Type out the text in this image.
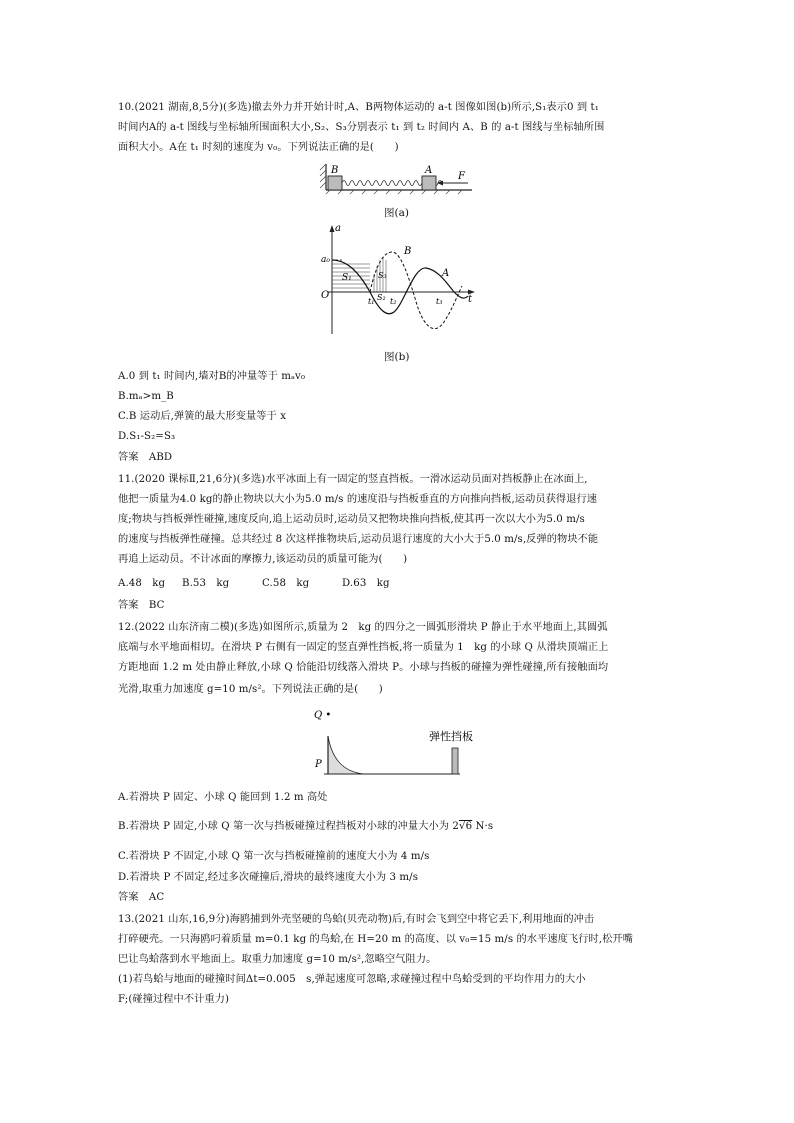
10.(2021 湖南,8,5分)(多选)撤去外力并开始计时,A、B两物体运动的 a-t 图像如图(b)所示,S₁表示0 到 t₁
时间内A的 a-t 图线与坐标轴所围面积大小,S₂、S₃分别表示 t₁ 到 t₂ 时间内 A、B 的 a-t 图线与坐标轴所围
面积大小。A在 t₁ 时刻的速度为 v₀。下列说法正确的是(　　)
B	A
F
图(a)
a₀
a
t
O
S₁
S₂
S₃
t₁ t₂	t₃
B
A
图(b)
A.0 到 t₁ 时间内,墙对B的冲量等于 mₐv₀
B.mₐ>m_B
C.B 运动后,弹簧的最大形变量等于 x
D.S₁-S₂=S₃
答案　ABD
11.(2020 课标Ⅱ,21,6分)(多选)水平冰面上有一固定的竖直挡板。一滑冰运动员面对挡板静止在冰面上,
他把一质量为4.0 kg的静止物块以大小为5.0 m/s 的速度沿与挡板垂直的方向推向挡板,运动员获得退行速
度;物块与挡板弹性碰撞,速度反向,追上运动员时,运动员又把物块推向挡板,使其再一次以大小为5.0 m/s
的速度与挡板弹性碰撞。总共经过 8 次这样推物块后,运动员退行速度的大小大于5.0 m/s,反弹的物块不能
再追上运动员。不计冰面的摩擦力,该运动员的质量可能为(　　)
A.48　kg B.53　kg	C.58　kg	D.63　kg
答案　BC
12.(2022 山东济南二模)(多选)如图所示,质量为 2　kg 的四分之一圆弧形滑块 P 静止于水平地面上,其圆弧
底端与水平地面相切。在滑块 P 右侧有一固定的竖直弹性挡板,将一质量为 1　kg 的小球 Q 从滑块顶端正上
方距地面 1.2 m 处由静止释放,小球 Q 恰能沿切线落入滑块 P。小球与挡板的碰撞为弹性碰撞,所有接触面均
光滑,取重力加速度 g=10 m/s²。下列说法正确的是(　　)
Q •
P
弹性挡板
A.若滑块 P 固定、小球 Q 能回到 1.2 m 高处
B.若滑块 P 固定,小球 Q 第一次与挡板碰撞过程挡板对小球的冲量大小为 2√6 N·s
C.若滑块 P 不固定,小球 Q 第一次与挡板碰撞前的速度大小为 4 m/s
D.若滑块 P 不固定,经过多次碰撞后,滑块的最终速度大小为 3 m/s
答案　AC
13.(2021 山东,16,9分)海鸥捕到外壳坚硬的鸟蛤(贝壳动物)后,有时会飞到空中将它丢下,利用地面的冲击
打碎硬壳。一只海鸥叼着质量 m=0.1 kg 的鸟蛤,在 H=20 m 的高度、以 v₀=15 m/s 的水平速度飞行时,松开嘴
巴让鸟蛤落到水平地面上。取重力加速度 g=10 m/s²,忽略空气阻力。
(1)若鸟蛤与地面的碰撞时间Δt=0.005　s,弹起速度可忽略,求碰撞过程中鸟蛤受到的平均作用力的大小
F;(碰撞过程中不计重力)
